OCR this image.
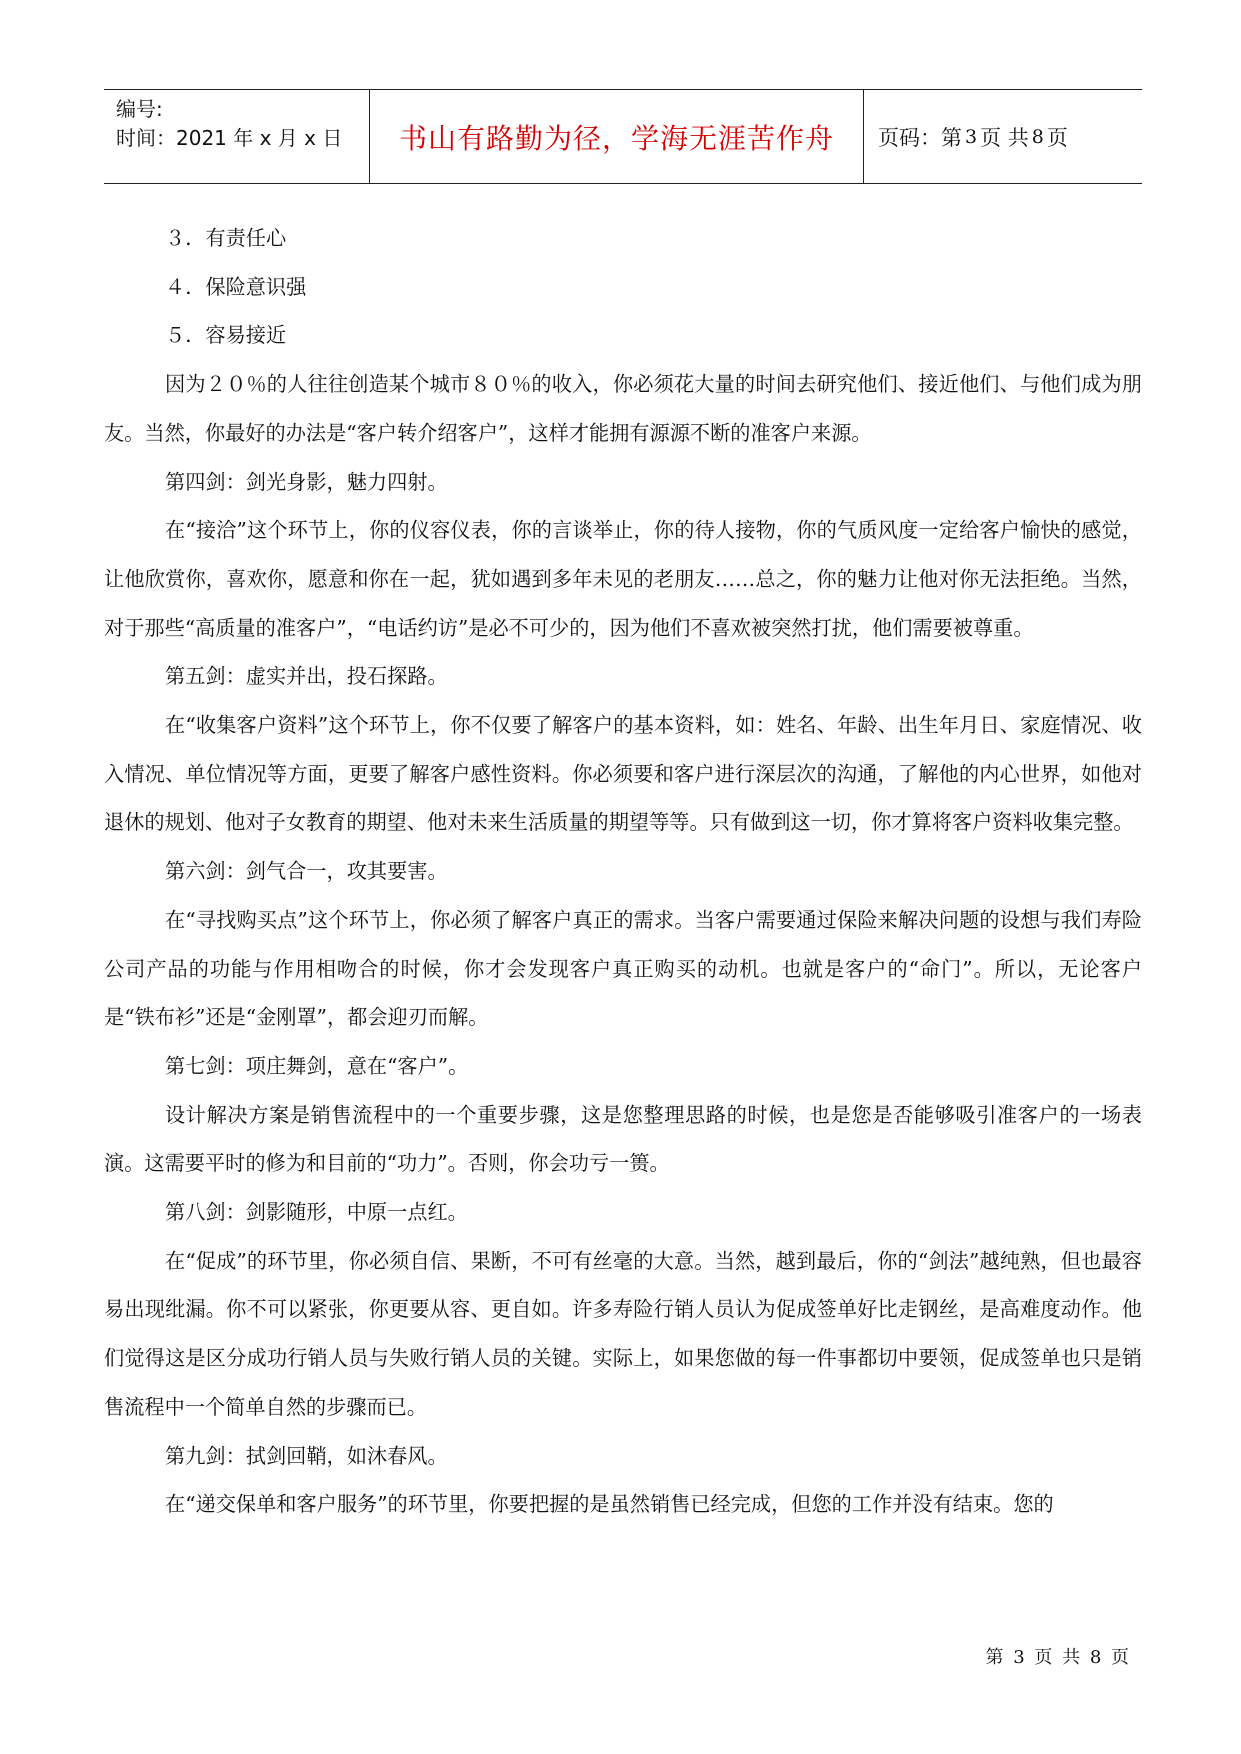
编号:
时间：2021 年 x 月 x 日	书山有路勤为径，学海无涯苦作舟 页码：第 3 页 共 8 页

３．有责任心

４．保险意识强

５．容易接近

因为２０％的人往往创造某个城市８０％的收入，你必须花大量的时间去研究他们、接近他们、与他们成为朋友。当然，你最好的办法是“客户转介绍客户”，这样才能拥有源源不断的准客户来源。

第四剑：剑光身影，魅力四射。

在“接洽”这个环节上，你的仪容仪表，你的言谈举止，你的待人接物，你的气质风度一定给客户愉快的感觉，让他欣赏你，喜欢你，愿意和你在一起，犹如遇到多年未见的老朋友……总之，你的魅力让他对你无法拒绝。当然，对于那些“高质量的准客户”，“电话约访”是必不可少的，因为他们不喜欢被突然打扰，他们需要被尊重。

第五剑：虚实并出，投石探路。

在“收集客户资料”这个环节上，你不仅要了解客户的基本资料，如：姓名、年龄、出生年月日、家庭情况、收入情况、单位情况等方面，更要了解客户感性资料。你必须要和客户进行深层次的沟通，了解他的内心世界，如他对退休的规划、他对子女教育的期望、他对未来生活质量的期望等等。只有做到这一切，你才算将客户资料收集完整。

第六剑：剑气合一，攻其要害。

在“寻找购买点”这个环节上，你必须了解客户真正的需求。当客户需要通过保险来解决问题的设想与我们寿险公司产品的功能与作用相吻合的时候，你才会发现客户真正购买的动机。也就是客户的“命门”。所以，无论客户是“铁布衫”还是“金刚罩”，都会迎刃而解。

第七剑：项庄舞剑，意在“客户”。

设计解决方案是销售流程中的一个重要步骤，这是您整理思路的时候，也是您是否能够吸引准客户的一场表演。这需要平时的修为和目前的“功力”。否则，你会功亏一篑。

第八剑：剑影随形，中原一点红。

在“促成”的环节里，你必须自信、果断，不可有丝毫的大意。当然，越到最后，你的“剑法”越纯熟，但也最容易出现纰漏。你不可以紧张，你更要从容、更自如。许多寿险行销人员认为促成签单好比走钢丝，是高难度动作。他们觉得这是区分成功行销人员与失败行销人员的关键。实际上，如果您做的每一件事都切中要领，促成签单也只是销售流程中一个简单自然的步骤而已。

第九剑：拭剑回鞘，如沐春风。

在“递交保单和客户服务”的环节里，你要把握的是虽然销售已经完成，但您的工作并没有结束。您的

第 3 页 共 8 页
